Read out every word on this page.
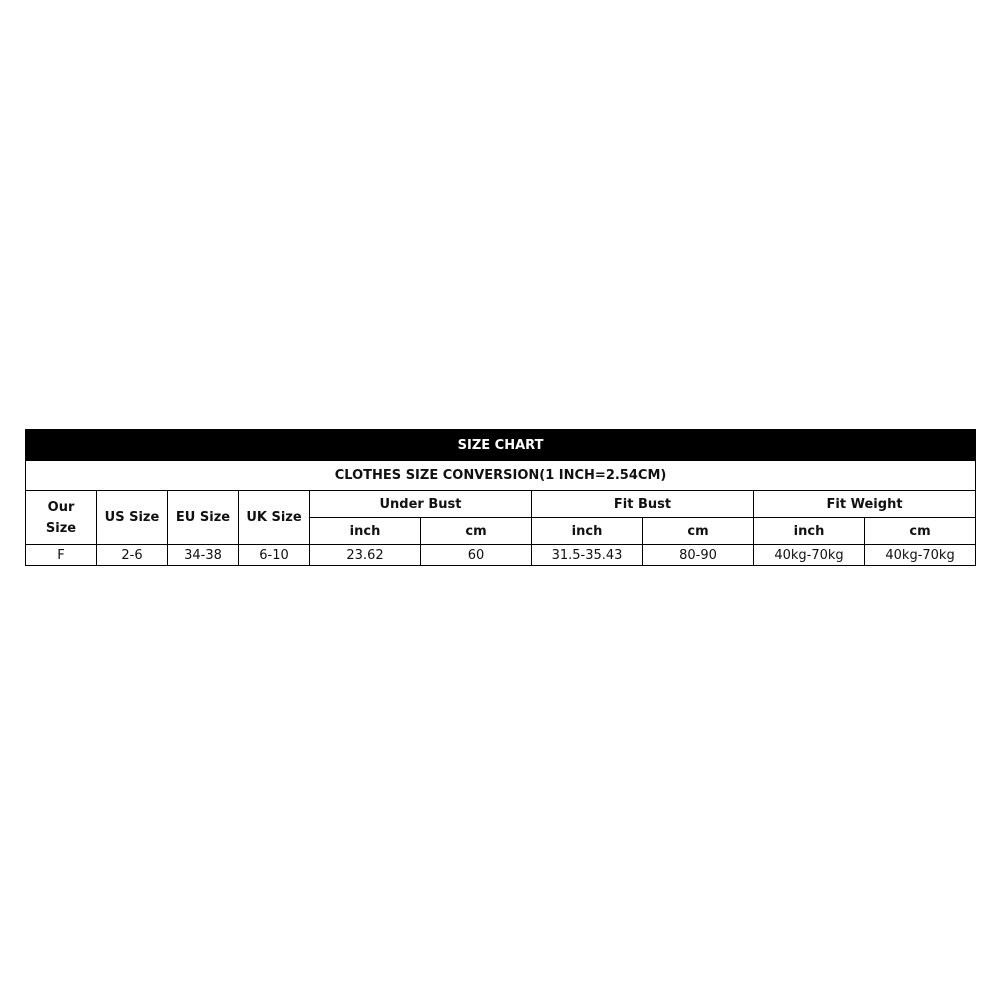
SIZE CHART									
CLOTHES SIZE CONVERSION(1 INCH=2.54CM)									

Our
Size	US Size	EU Size	UK Size	Under Bust		Fit Bust		Fit Weight	
				inch	cm	inch	cm	inch	cm
F	2-6	34-38	6-10	23.62	60	31.5-35.43	80-90	40kg-70kg	40kg-70kg
